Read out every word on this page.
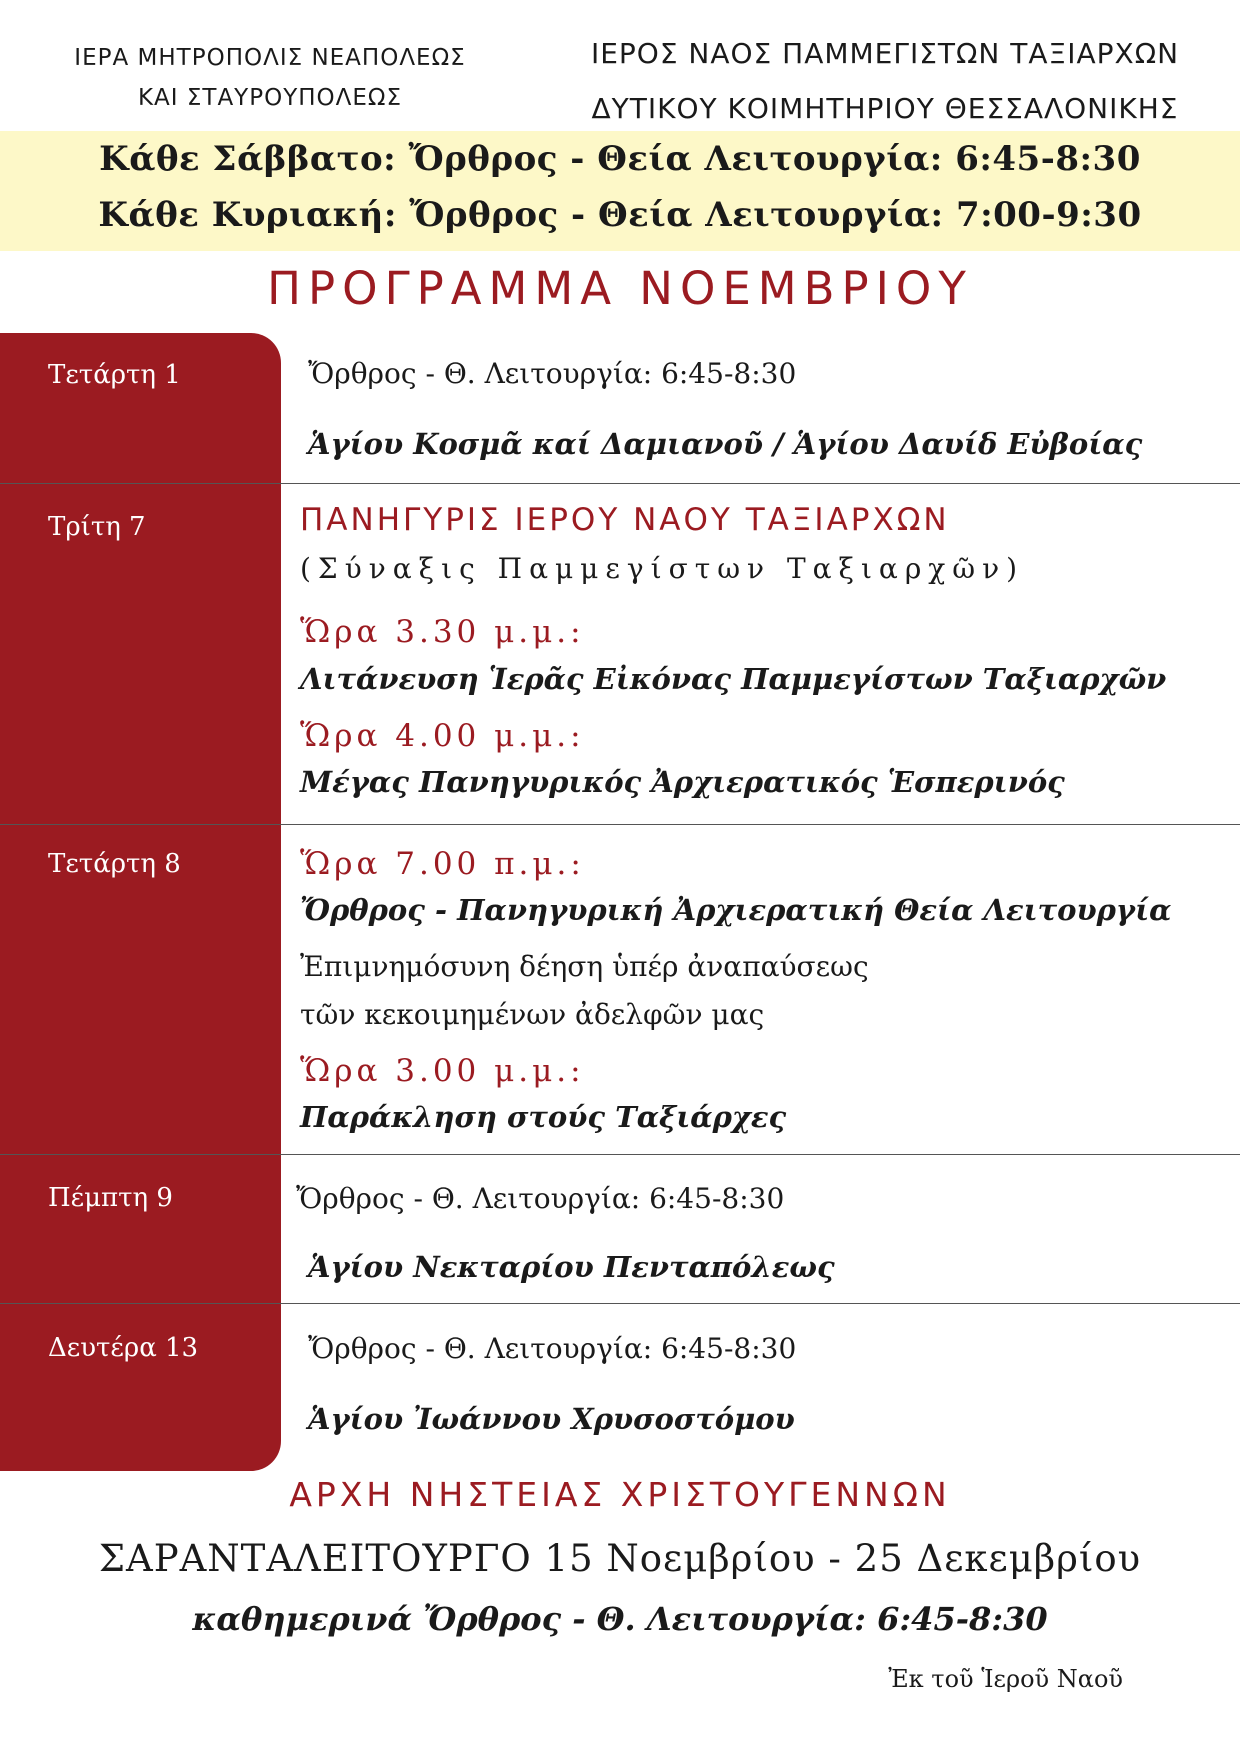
ΙΕΡΑ ΜΗΤΡΟΠΟΛΙΣ ΝΕΑΠΟΛΕΩΣ
ΚΑΙ ΣΤΑΥΡΟΥΠΟΛΕΩΣ
ΙΕΡΟΣ ΝΑΟΣ ΠΑΜΜΕΓΙΣΤΩΝ ΤΑΞΙΑΡΧΩΝ
ΔΥΤΙΚΟΥ ΚΟΙΜΗΤΗΡΙΟΥ ΘΕΣΣΑΛΟΝΙΚΗΣ
Κάθε Σάββατο: Ὄρθρος - Θεία Λειτουργία: 6:45-8:30
Κάθε Κυριακή: Ὄρθρος - Θεία Λειτουργία: 7:00-9:30
ΠΡΟΓΡΑΜΜΑ ΝΟΕΜΒΡΙΟΥ
Τετάρτη 1
Τρίτη 7
Τετάρτη 8
Πέμπτη 9
Δευτέρα 13
Ὄρθρος - Θ. Λειτουργία: 6:45-8:30
Ἁγίου Κοσμᾶ καί Δαμιανοῦ / Ἁγίου Δαυίδ Εὐβοίας
ΠΑΝΗΓΥΡΙΣ ΙΕΡΟΥ ΝΑΟΥ ΤΑΞΙΑΡΧΩΝ
(Σύναξις Παμμεγίστων Ταξιαρχῶν)
Ὥρα 3.30 μ.μ.:
Λιτάνευση Ἱερᾶς Εἰκόνας Παμμεγίστων Ταξιαρχῶν
Ὥρα 4.00 μ.μ.:
Μέγας Πανηγυρικός Ἀρχιερατικός Ἑσπερινός
Ὥρα 7.00 π.μ.:
Ὄρθρος - Πανηγυρική Ἀρχιερατική Θεία Λειτουργία
Ἐπιμνημόσυνη δέηση ὑπέρ ἀναπαύσεως
τῶν κεκοιμημένων ἀδελφῶν μας
Ὥρα 3.00 μ.μ.:
Παράκληση στούς Ταξιάρχες
Ὄρθρος - Θ. Λειτουργία: 6:45-8:30
Ἁγίου Νεκταρίου Πενταπόλεως
Ὄρθρος - Θ. Λειτουργία: 6:45-8:30
Ἁγίου Ἰωάννου Χρυσοστόμου
ΑΡΧΗ ΝΗΣΤΕΙΑΣ ΧΡΙΣΤΟΥΓΕΝΝΩΝ
ΣΑΡΑΝΤΑΛΕΙΤΟΥΡΓΟ 15 Νοεμβρίου - 25 Δεκεμβρίου
καθημερινά Ὄρθρος - Θ. Λειτουργία: 6:45-8:30
Ἐκ τοῦ Ἱεροῦ Ναοῦ
